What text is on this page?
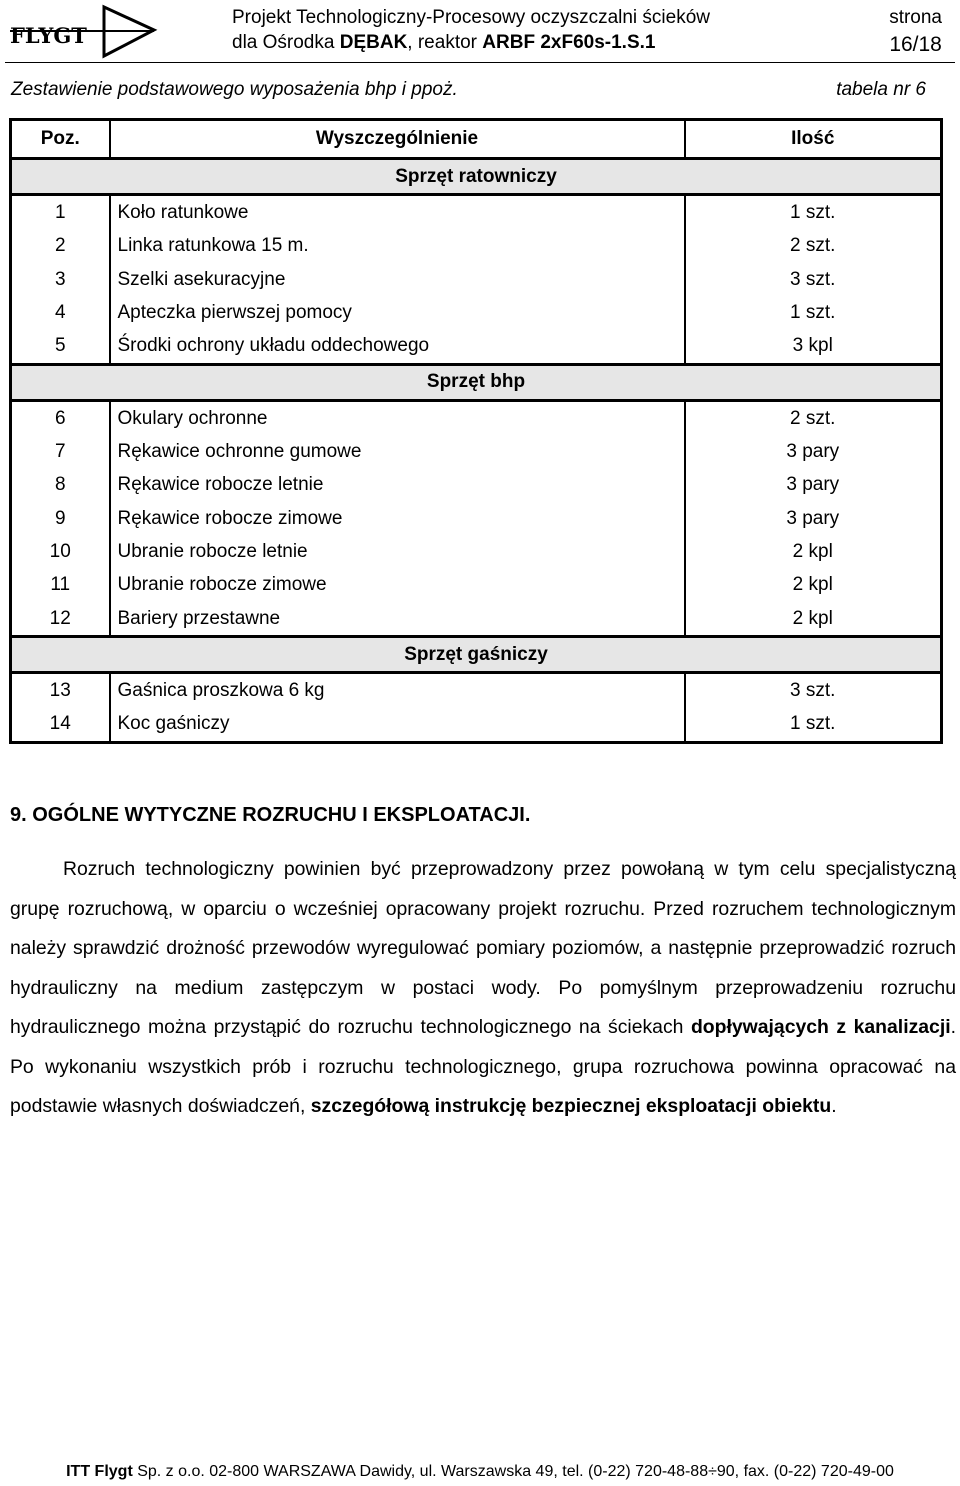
FLYGT
Projekt Technologiczny-Procesowy oczyszczalni ścieków
dla Ośrodka DĘBAK, reaktor ARBF 2xF60s-1.S.1
strona
16/18
Zestawienie podstawowego wyposażenia bhp i ppoż.	tabela nr 6
Poz.	Wyszczególnienie	Ilość
Sprzęt ratowniczy		
1	Koło ratunkowe	1 szt.
2	Linka ratunkowa 15 m.	2 szt.
3	Szelki asekuracyjne	3 szt.
4	Apteczka pierwszej pomocy	1 szt.
5	Środki ochrony układu oddechowego	3 kpl
Sprzęt bhp		
6	Okulary ochronne	2 szt.
7	Rękawice ochronne gumowe	3 pary
8	Rękawice robocze letnie	3 pary
9	Rękawice robocze zimowe	3 pary
10	Ubranie robocze letnie	2 kpl
11	Ubranie robocze zimowe	2 kpl
12	Bariery przestawne	2 kpl
Sprzęt gaśniczy		
13	Gaśnica proszkowa 6 kg	3 szt.
14	Koc gaśniczy	1 szt.
9. OGÓLNE WYTYCZNE ROZRUCHU I EKSPLOATACJI.

Rozruch technologiczny powinien być przeprowadzony przez powołaną w tym celu specjalistyczną grupę rozruchową, w oparciu o wcześniej opracowany projekt rozruchu. Przed rozruchem technologicznym należy sprawdzić drożność przewodów wyregulować pomiary poziomów, a następnie przeprowadzić rozruch hydrauliczny na medium zastępczym w postaci wody. Po pomyślnym przeprowadzeniu rozruchu hydraulicznego można przystąpić do rozruchu technologicznego na ściekach dopływających z kanalizacji. Po wykonaniu wszystkich prób i rozruchu technologicznego, grupa rozruchowa powinna opracować na podstawie własnych doświadczeń, szczegółową instrukcję bezpiecznej eksploatacji obiektu.

ITT Flygt Sp. z o.o. 02-800 WARSZAWA Dawidy, ul. Warszawska 49, tel. (0-22) 720-48-88÷90, fax. (0-22) 720-49-00
